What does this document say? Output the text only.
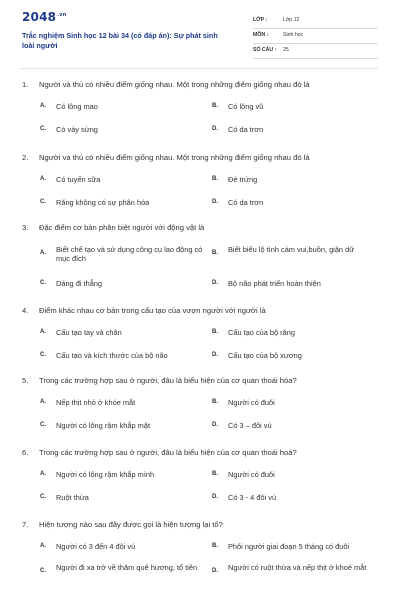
$2048^{.vn}$
Trắc nghiệm Sinh học 12 bài 34 (có đáp án): Sự phát sinh loài người
LỚP :	Lớp 12
MÔN :	Sinh học
SỐ CÂU : 25
1. Người và thú có nhiều điểm giống nhau. Một trong những điểm giống nhau đó là
A. Có lông mao	B. Có lông vũ
C. Có vảy sừng	D. Có da trơn
2. Người và thú có nhiều điểm giống nhau. Một trong những điểm giống nhau đó là
A. Có tuyến sữa	B. Đẻ trứng
C. Răng không có sự phân hóa	D. Có da trơn
3. Đặc điểm cơ bản phân biệt người với động vật là
A. Biết chế tạo và sử dụng công cụ lao động có mục đích
B. Biết biểu lộ tình cảm vui,buồn, giận dữ
C. Dáng đi thẳng	D. Bộ não phát triển hoàn thiện
4. Điểm khác nhau cơ bản trong cấu tạo của vượn người với người là
A. Cấu tạo tay và chân	B. Cấu tạo của bộ răng
C. Cấu tạo và kích thước của bộ não	D. Cấu tạo của bộ xương
5. Trong các trường hợp sau ở người, đâu là biểu hiện của cơ quan thoái hóa?
A. Nếp thịt nhỏ ở khóe mắt	B. Người có đuôi
C. Người có lông rậm khắp mặt	D. Có 3 – đôi vú
6. Trong các trường hợp sau ở người, đâu là biểu hiện của cơ quan thoái hoá?
A. Người có lông rậm khắp mình	B. Người có đuôi
C. Ruột thừa	D. Có 3 - 4 đôi vú
7. Hiện tượng nào sau đây được gọi là hiện tượng lại tổ?
A. Người có 3 đến 4 đôi vú	B. Phôi người giai đoạn 5 tháng có đuôi
C. Người đi xa trở về thăm quê hương, tổ tiên	D. Người có ruột thừa và nếp thịt ở khoé mắt
